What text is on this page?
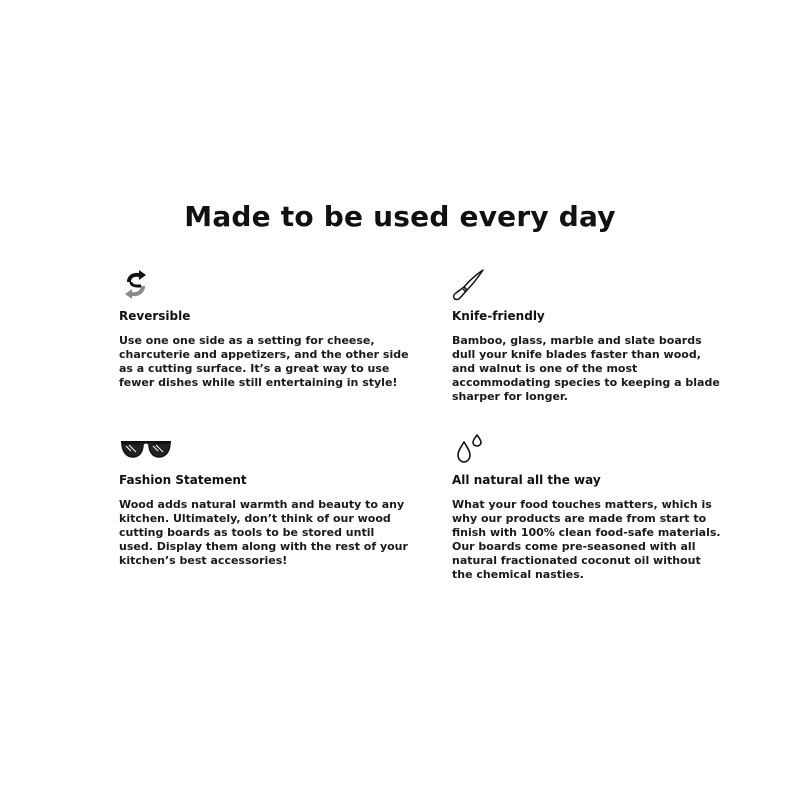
Made to be used every day
Reversible

Use one one side as a setting for cheese, charcuterie and appetizers, and the other side as a cutting surface. It’s a great way to use fewer dishes while still entertaining in style!

Knife-friendly

Bamboo, glass, marble and slate boards dull your knife blades faster than wood, and walnut is one of the most accommodating species to keeping a blade sharper for longer.

Fashion Statement

Wood adds natural warmth and beauty to any kitchen. Ultimately, don’t think of our wood cutting boards as tools to be stored until used. Display them along with the rest of your kitchen’s best accessories!

All natural all the way

What your food touches matters, which is why our products are made from start to finish with 100% clean food-safe materials. Our boards come pre-seasoned with all natural fractionated coconut oil without the chemical nasties.
